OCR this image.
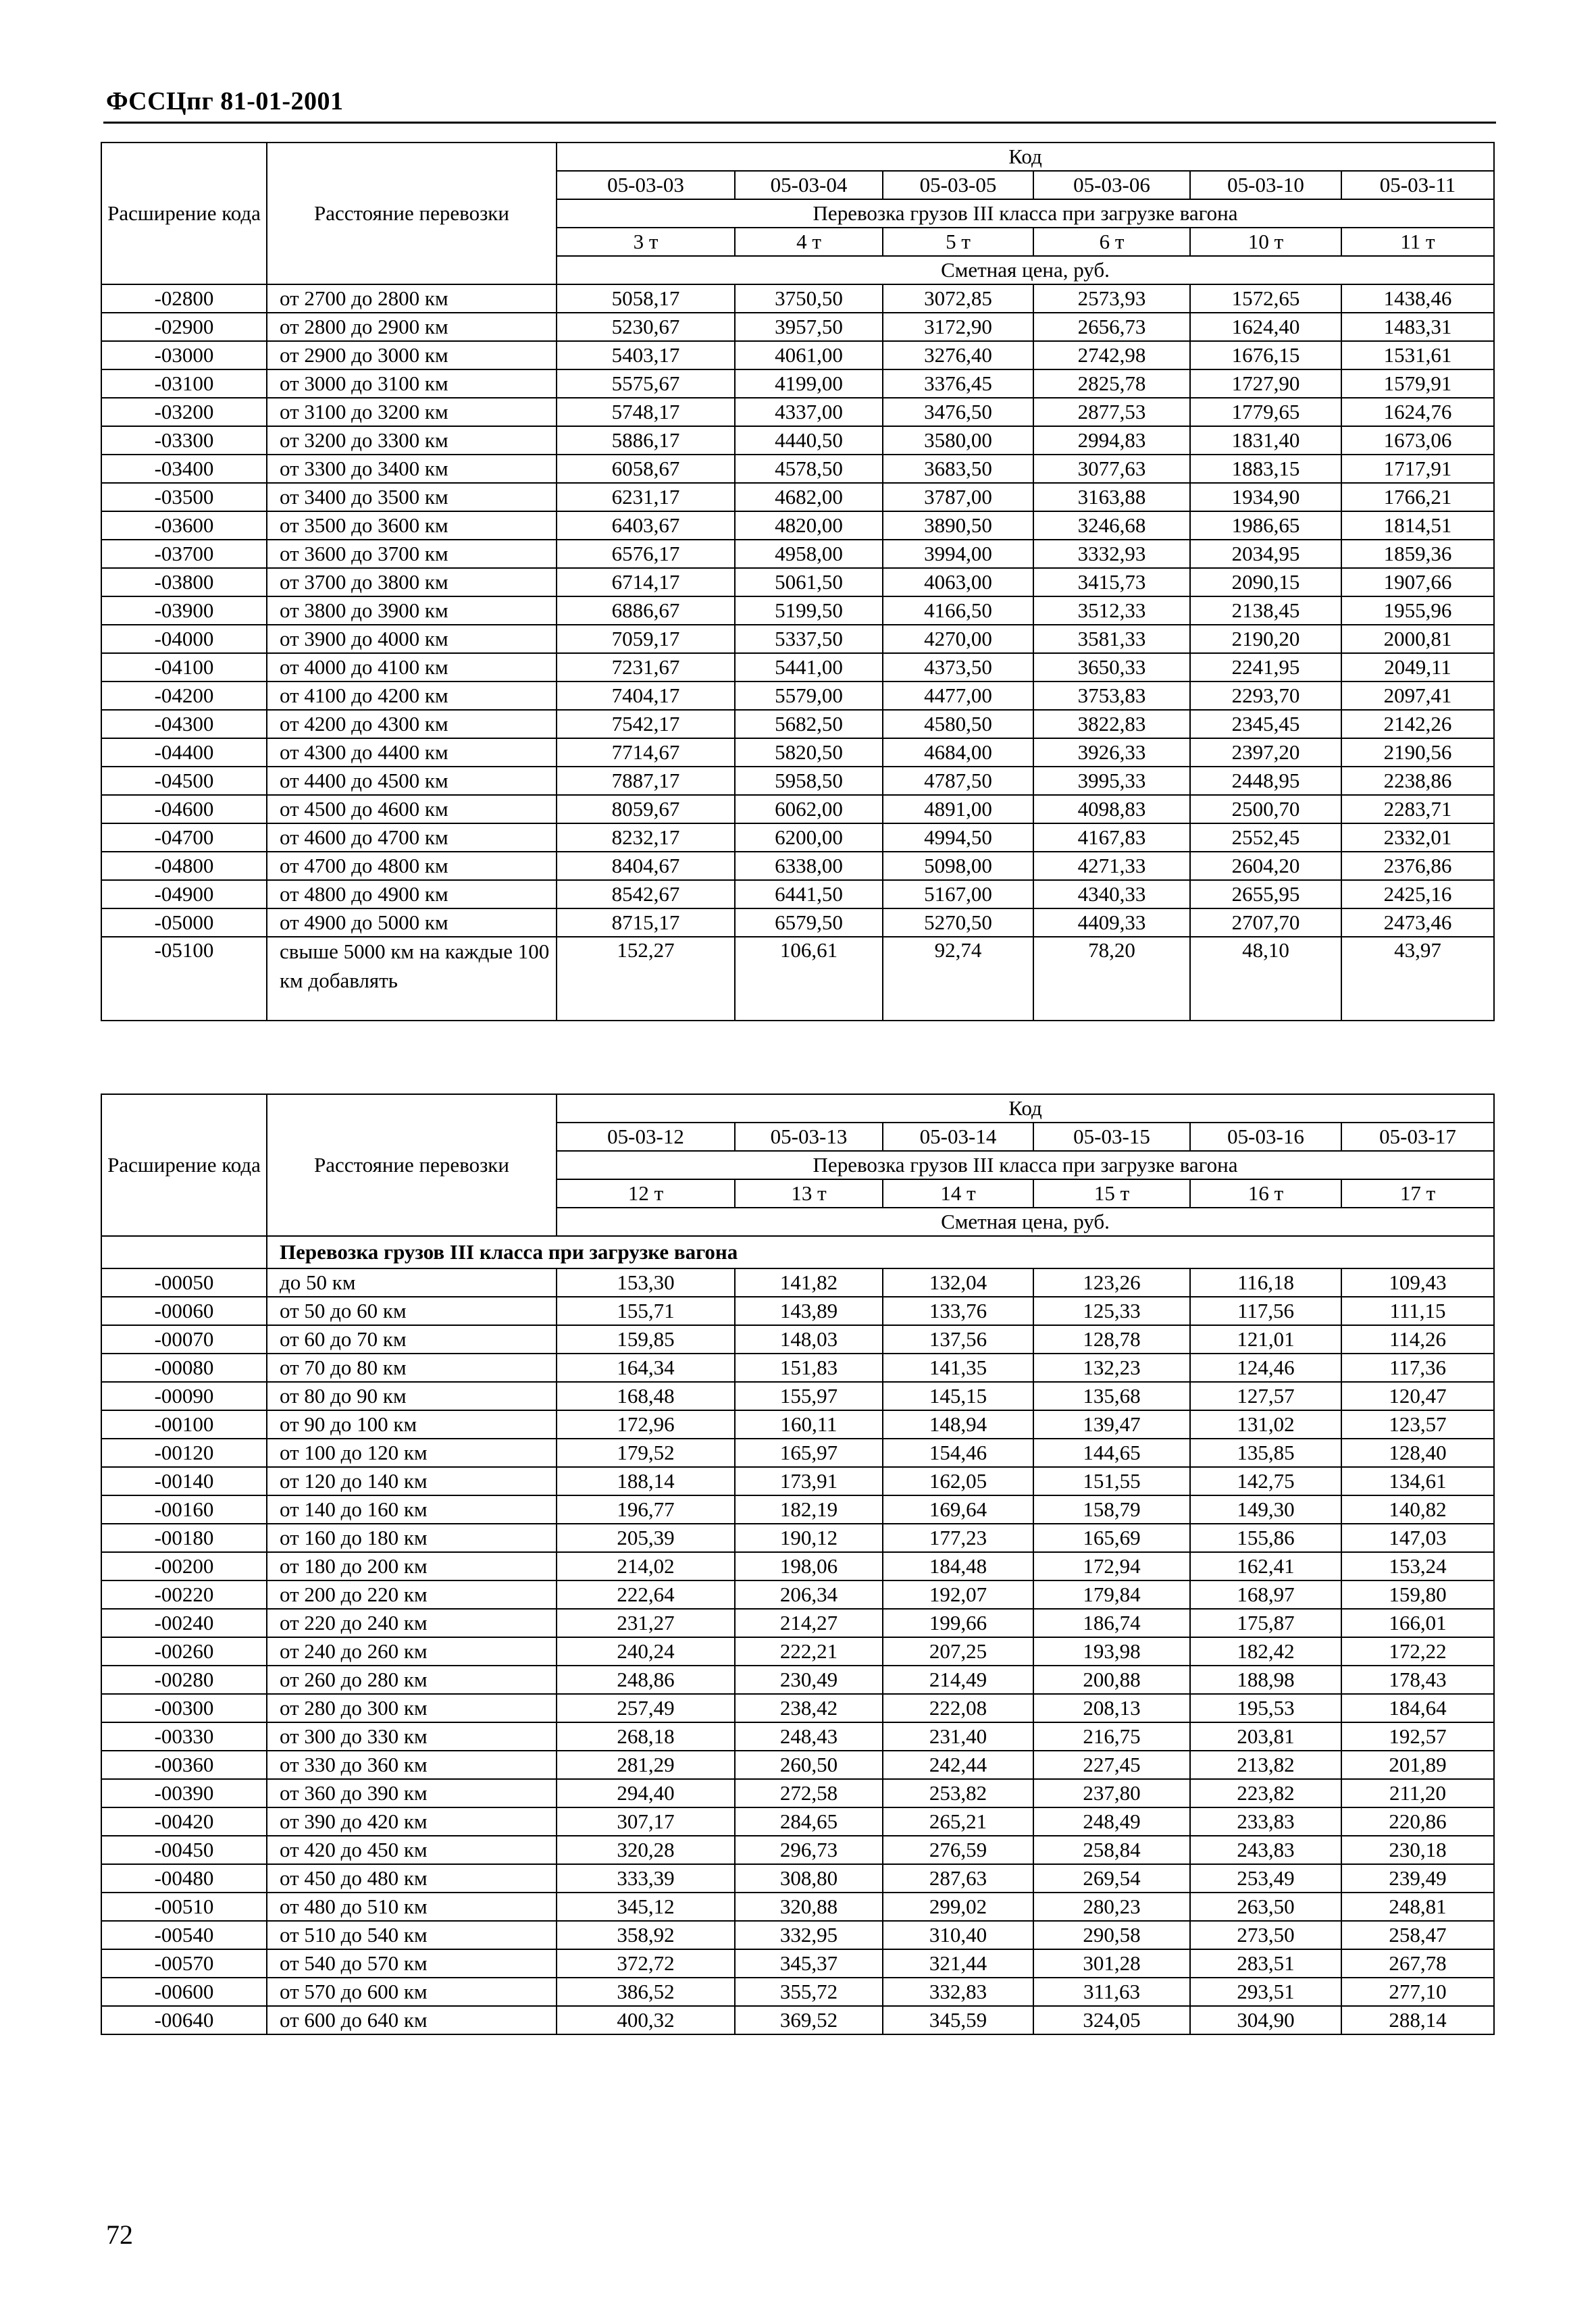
ФССЦпг 81-01-2001
Расширение кода	Расстояние перевозки	Код					
		05-03-03	05-03-04	05-03-05	05-03-06	05-03-10	05-03-11
		Перевозка грузов III класса при загрузке вагона					
		3 т	4 т	5 т	6 т	10 т	11 т
		Сметная цена, руб.					
-02800	от 2700 до 2800 км	5058,17	3750,50	3072,85	2573,93	1572,65	1438,46
-02900	от 2800 до 2900 км	5230,67	3957,50	3172,90	2656,73	1624,40	1483,31
-03000	от 2900 до 3000 км	5403,17	4061,00	3276,40	2742,98	1676,15	1531,61
-03100	от 3000 до 3100 км	5575,67	4199,00	3376,45	2825,78	1727,90	1579,91
-03200	от 3100 до 3200 км	5748,17	4337,00	3476,50	2877,53	1779,65	1624,76
-03300	от 3200 до 3300 км	5886,17	4440,50	3580,00	2994,83	1831,40	1673,06
-03400	от 3300 до 3400 км	6058,67	4578,50	3683,50	3077,63	1883,15	1717,91
-03500	от 3400 до 3500 км	6231,17	4682,00	3787,00	3163,88	1934,90	1766,21
-03600	от 3500 до 3600 км	6403,67	4820,00	3890,50	3246,68	1986,65	1814,51
-03700	от 3600 до 3700 км	6576,17	4958,00	3994,00	3332,93	2034,95	1859,36
-03800	от 3700 до 3800 км	6714,17	5061,50	4063,00	3415,73	2090,15	1907,66
-03900	от 3800 до 3900 км	6886,67	5199,50	4166,50	3512,33	2138,45	1955,96
-04000	от 3900 до 4000 км	7059,17	5337,50	4270,00	3581,33	2190,20	2000,81
-04100	от 4000 до 4100 км	7231,67	5441,00	4373,50	3650,33	2241,95	2049,11
-04200	от 4100 до 4200 км	7404,17	5579,00	4477,00	3753,83	2293,70	2097,41
-04300	от 4200 до 4300 км	7542,17	5682,50	4580,50	3822,83	2345,45	2142,26
-04400	от 4300 до 4400 км	7714,67	5820,50	4684,00	3926,33	2397,20	2190,56
-04500	от 4400 до 4500 км	7887,17	5958,50	4787,50	3995,33	2448,95	2238,86
-04600	от 4500 до 4600 км	8059,67	6062,00	4891,00	4098,83	2500,70	2283,71
-04700	от 4600 до 4700 км	8232,17	6200,00	4994,50	4167,83	2552,45	2332,01
-04800	от 4700 до 4800 км	8404,67	6338,00	5098,00	4271,33	2604,20	2376,86
-04900	от 4800 до 4900 км	8542,67	6441,50	5167,00	4340,33	2655,95	2425,16
-05000	от 4900 до 5000 км	8715,17	6579,50	5270,50	4409,33	2707,70	2473,46
-05100	свыше 5000 км на каждые 100 км добавлять	152,27	106,61	92,74	78,20	48,10	43,97
Расширение кода	Расстояние перевозки	Код					
		05-03-12	05-03-13	05-03-14	05-03-15	05-03-16	05-03-17
		Перевозка грузов III класса при загрузке вагона					
		12 т	13 т	14 т	15 т	16 т	17 т
		Сметная цена, руб.					
	Перевозка грузов III класса при загрузке вагона						
-00050	до 50 км	153,30	141,82	132,04	123,26	116,18	109,43
-00060	от 50 до 60 км	155,71	143,89	133,76	125,33	117,56	111,15
-00070	от 60 до 70 км	159,85	148,03	137,56	128,78	121,01	114,26
-00080	от 70 до 80 км	164,34	151,83	141,35	132,23	124,46	117,36
-00090	от 80 до 90 км	168,48	155,97	145,15	135,68	127,57	120,47
-00100	от 90 до 100 км	172,96	160,11	148,94	139,47	131,02	123,57
-00120	от 100 до 120 км	179,52	165,97	154,46	144,65	135,85	128,40
-00140	от 120 до 140 км	188,14	173,91	162,05	151,55	142,75	134,61
-00160	от 140 до 160 км	196,77	182,19	169,64	158,79	149,30	140,82
-00180	от 160 до 180 км	205,39	190,12	177,23	165,69	155,86	147,03
-00200	от 180 до 200 км	214,02	198,06	184,48	172,94	162,41	153,24
-00220	от 200 до 220 км	222,64	206,34	192,07	179,84	168,97	159,80
-00240	от 220 до 240 км	231,27	214,27	199,66	186,74	175,87	166,01
-00260	от 240 до 260 км	240,24	222,21	207,25	193,98	182,42	172,22
-00280	от 260 до 280 км	248,86	230,49	214,49	200,88	188,98	178,43
-00300	от 280 до 300 км	257,49	238,42	222,08	208,13	195,53	184,64
-00330	от 300 до 330 км	268,18	248,43	231,40	216,75	203,81	192,57
-00360	от 330 до 360 км	281,29	260,50	242,44	227,45	213,82	201,89
-00390	от 360 до 390 км	294,40	272,58	253,82	237,80	223,82	211,20
-00420	от 390 до 420 км	307,17	284,65	265,21	248,49	233,83	220,86
-00450	от 420 до 450 км	320,28	296,73	276,59	258,84	243,83	230,18
-00480	от 450 до 480 км	333,39	308,80	287,63	269,54	253,49	239,49
-00510	от 480 до 510 км	345,12	320,88	299,02	280,23	263,50	248,81
-00540	от 510 до 540 км	358,92	332,95	310,40	290,58	273,50	258,47
-00570	от 540 до 570 км	372,72	345,37	321,44	301,28	283,51	267,78
-00600	от 570 до 600 км	386,52	355,72	332,83	311,63	293,51	277,10
-00640	от 600 до 640 км	400,32	369,52	345,59	324,05	304,90	288,14
72
